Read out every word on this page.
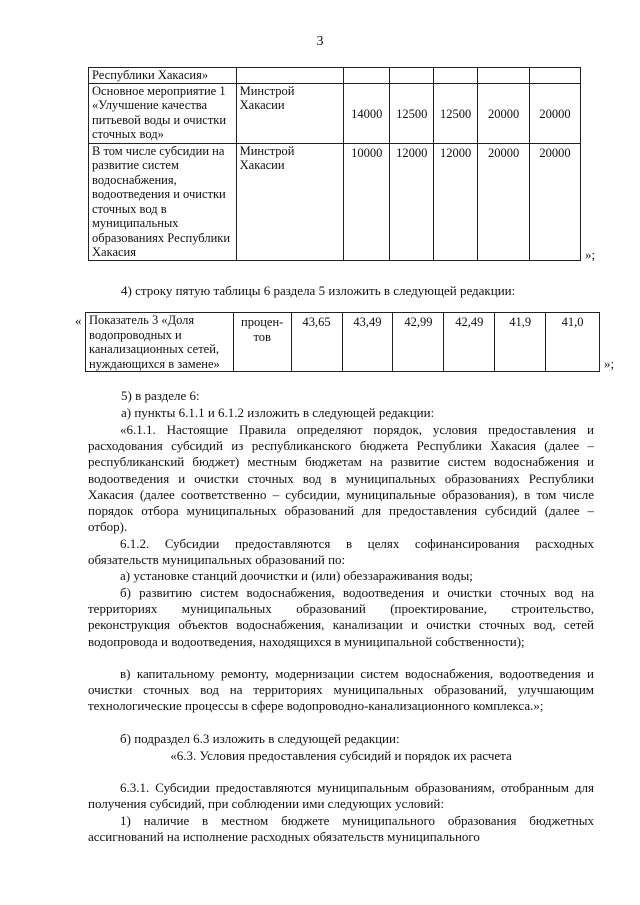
3
Республики Хакасия»						
Основное мероприятие 1 «Улучшение качества питьевой воды и очистки сточных вод»	Минстрой Хакасии	14000	12500	12500	20000	20000
В том числе субсидии на развитие систем водоснабжения, водоотведения и очистки сточных вод в муниципальных образованиях Республики Хакасия	Минстрой Хакасии	10000	12000	12000	20000	20000
»;

4) строку пятую таблицы 6 раздела 5 изложить в следующей редакции:

« Показатель 3 «Доля водопроводных и канализационных сетей, нуждающихся в замене»	процен-тов	43,65	43,49	42,99	42,49	41,9	41,0
»;

5) в разделе 6:

а) пункты 6.1.1 и 6.1.2 изложить в следующей редакции:

«6.1.1. Настоящие Правила определяют порядок, условия предоставления и расходования субсидий из республиканского бюджета Республики Хакасия (далее – республиканский бюджет) местным бюджетам на развитие систем водоснабжения и водоотведения и очистки сточных вод в муниципальных образованиях Республики Хакасия (далее соответственно – субсидии, муниципальные образования), в том числе порядок отбора муниципальных образований для предоставления субсидий (далее – отбор).

6.1.2. Субсидии предоставляются в целях софинансирования расходных обязательств муниципальных образований по:

а) установке станций доочистки и (или) обеззараживания воды;

б) развитию систем водоснабжения, водоотведения и очистки сточных вод на территориях муниципальных образований (проектирование, строительство, реконструкция объектов водоснабжения, канализации и очистки сточных вод, сетей водопровода и водоотведения, находящихся в муниципальной собственности);

в) капитальному ремонту, модернизации систем водоснабжения, водоотведения и очистки сточных вод на территориях муниципальных образований, улучшающим технологические процессы в сфере водопроводно-канализационного комплекса.»;

б) подраздел 6.3 изложить в следующей редакции:

«6.3. Условия предоставления субсидий и порядок их расчета

6.3.1. Субсидии предоставляются муниципальным образованиям, отобранным для получения субсидий, при соблюдении ими следующих условий:

1) наличие в местном бюджете муниципального образования бюджетных ассигнований на исполнение расходных обязательств муниципального
